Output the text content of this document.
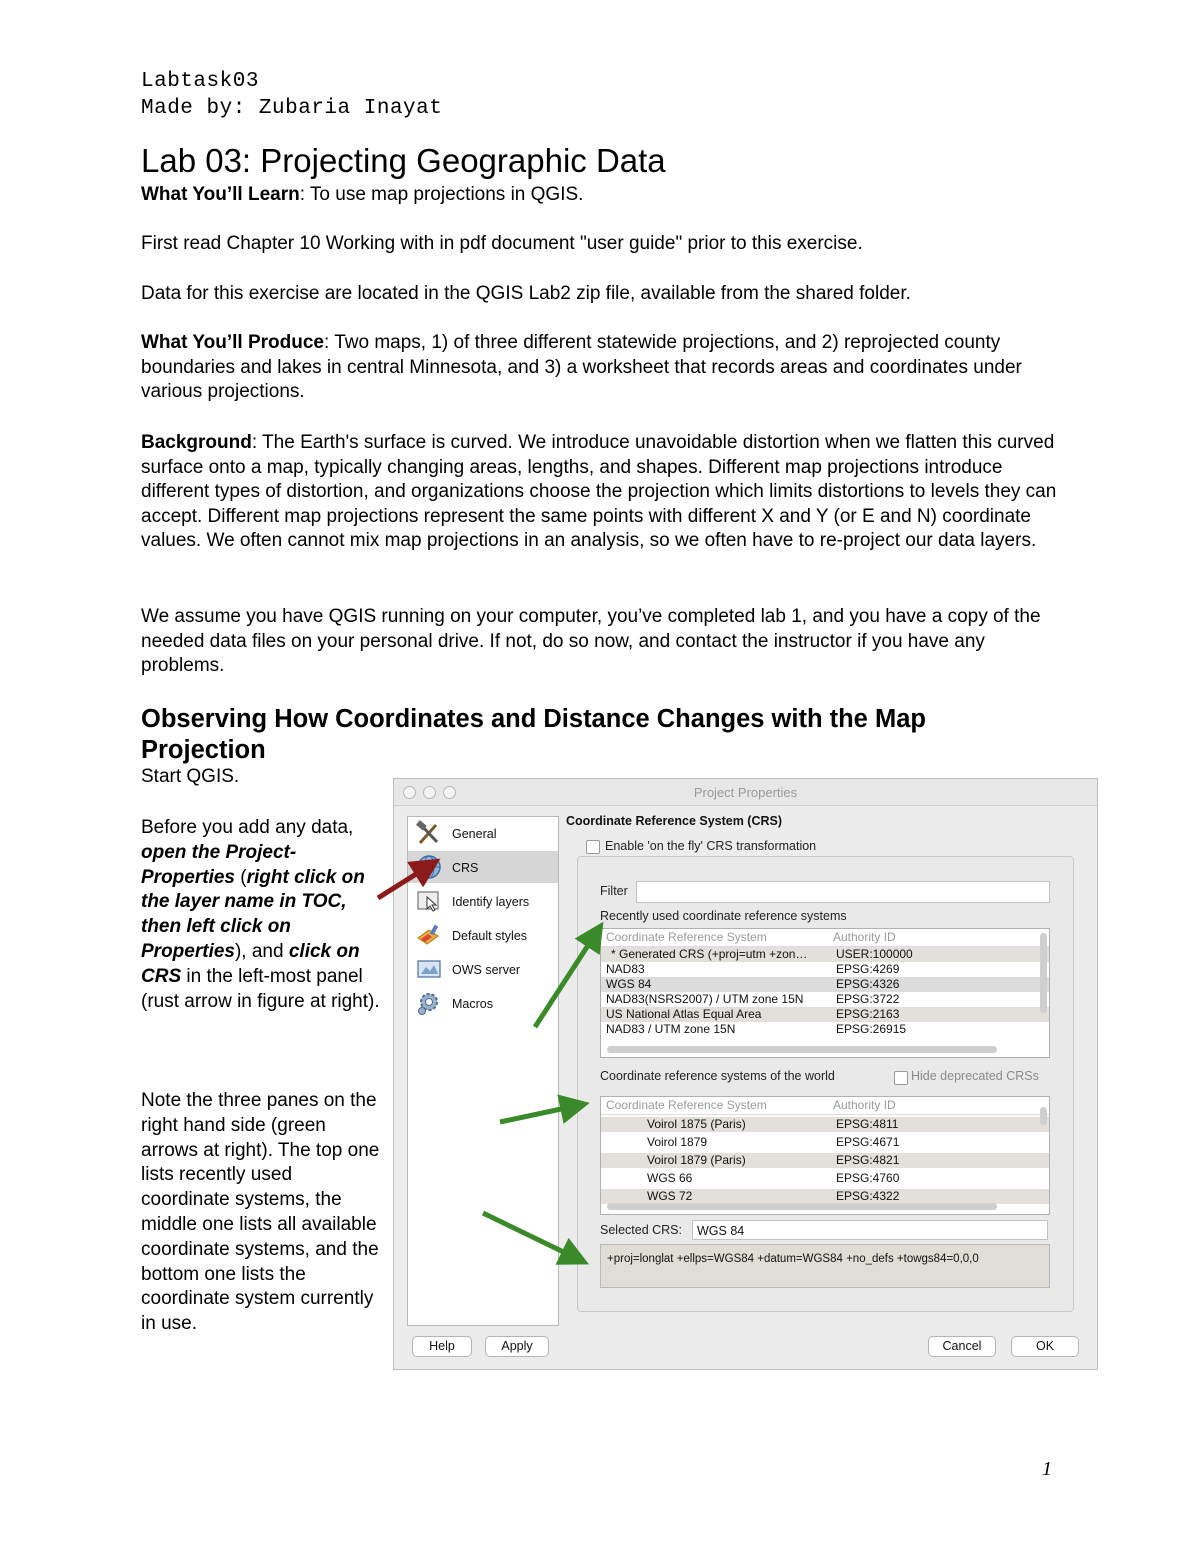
Labtask03
Made by: Zubaria Inayat
Lab 03: Projecting Geographic Data
What You’ll Learn: To use map projections in QGIS.
First read Chapter 10 Working with in pdf document "user guide" prior to this exercise.
Data for this exercise are located in the QGIS Lab2 zip file, available from the shared folder.
What You’ll Produce: Two maps, 1) of three different statewide projections, and 2) reprojected county boundaries and lakes in central Minnesota, and 3) a worksheet that records areas and coordinates under various projections.
Background: The Earth's surface is curved. We introduce unavoidable distortion when we flatten this curved surface onto a map, typically changing areas, lengths, and shapes. Different map projections introduce different types of distortion, and organizations choose the projection which limits distortions to levels they can accept. Different map projections represent the same points with different X and Y (or E and N) coordinate values. We often cannot mix map projections in an analysis, so we often have to re-project our data layers.
We assume you have QGIS running on your computer, you’ve completed lab 1, and you have a copy of the needed data files on your personal drive. If not, do so now, and contact the instructor if you have any problems.
Observing How Coordinates and Distance Changes with the Map Projection
Start QGIS.
Before you add any data, open the Project-Properties (right click on the layer name in TOC, then left click on Properties), and click on CRS in the left-most panel (rust arrow in figure at right).
Note the three panes on the right hand side (green arrows at right). The top one lists recently used coordinate systems, the middle one lists all available coordinate systems, and the bottom one lists the coordinate system currently in use.
1
Project Properties
General
CRS
Identify layers
Default styles
OWS server
Macros
Coordinate Reference System (CRS)
Enable 'on the fly' CRS transformation
Filter
Recently used coordinate reference systems
Coordinate Reference System	Authority ID
* Generated CRS (+proj=utm +zon… USER:100000
NAD83	EPSG:4269
WGS 84	EPSG:4326
NAD83(NSRS2007) / UTM zone 15N	EPSG:3722
US National Atlas Equal Area	EPSG:2163
NAD83 / UTM zone 15N	EPSG:26915
Coordinate reference systems of the world	Hide deprecated CRSs
Coordinate Reference System	Authority ID
Voirol 1875 (Paris)	EPSG:4811
Voirol 1879	EPSG:4671
Voirol 1879 (Paris)	EPSG:4821
WGS 66	EPSG:4760
WGS 72	EPSG:4322
Selected CRS:	WGS 84
+proj=longlat +ellps=WGS84 +datum=WGS84 +no_defs +towgs84=0,0,0
Help	Apply	Cancel	OK
